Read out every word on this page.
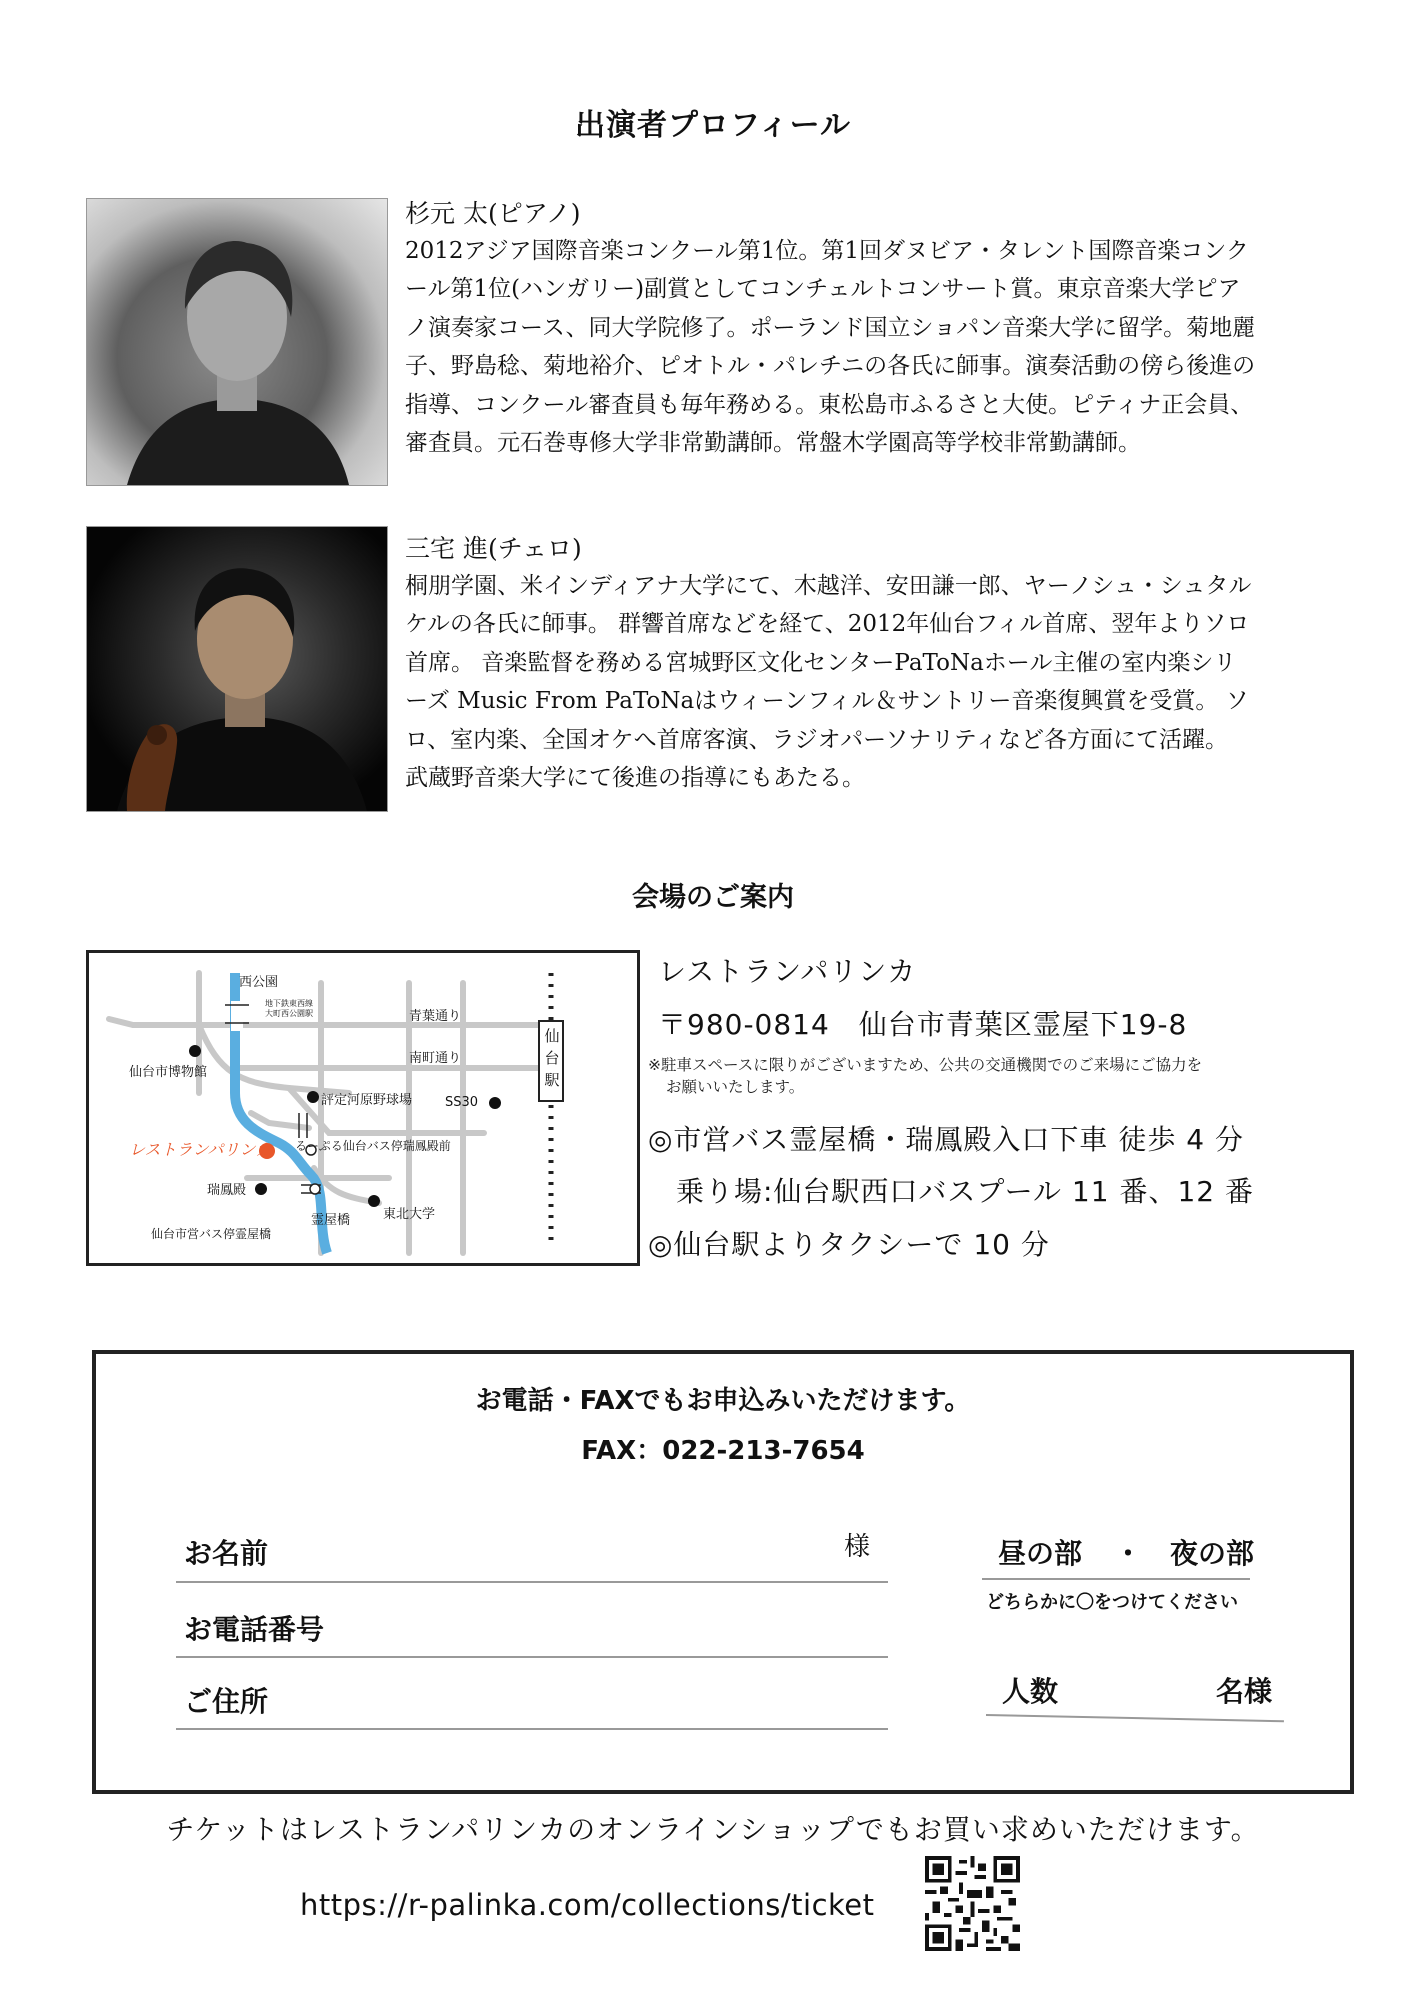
出演者プロフィール
杉元 太(ピアノ)
2012アジア国際音楽コンクール第1位。第1回ダヌビア・タレント国際音楽コンク
ール第1位(ハンガリー)副賞としてコンチェルトコンサート賞。東京音楽大学ピア
ノ演奏家コース、同大学院修了。ポーランド国立ショパン音楽大学に留学。菊地麗
子、野島稔、菊地裕介、ピオトル・パレチニの各氏に師事。演奏活動の傍ら後進の
指導、コンクール審査員も毎年務める。東松島市ふるさと大使。ピティナ正会員、
審査員。元石巻専修大学非常勤講師。常盤木学園高等学校非常勤講師。
三宅 進(チェロ)
桐朋学園、米インディアナ大学にて、木越洋、安田謙一郎、ヤーノシュ・シュタル
ケルの各氏に師事。 群響首席などを経て、2012年仙台フィル首席、翌年よりソロ
首席。 音楽監督を務める宮城野区文化センターPaToNaホール主催の室内楽シリ
ーズ Music From PaToNaはウィーンフィル＆サントリー音楽復興賞を受賞。 ソ
ロ、室内楽、全国オケへ首席客演、ラジオパーソナリティなど各方面にて活躍。
武蔵野音楽大学にて後進の指導にもあたる。
会場のご案内
西公園
地下鉄東西線
大町西公園駅	青葉通り
南町通り
仙台市博物館
評定河原野球場	SS30
仙
台
駅
レストランパリンカ るーぷる仙台バス停瑞鳳殿前
瑞鳳殿
霊屋橋	東北大学
仙台市営バス停霊屋橋
レストランパリンカ
〒980-0814　仙台市青葉区霊屋下19-8
※駐車スペースに限りがございますため、公共の交通機関でのご来場にご協力を
お願いいたします。
◎市営バス霊屋橋・瑞鳳殿入口下車 徒歩 4 分
乗り場:仙台駅西口バスプール 11 番、12 番
◎仙台駅よりタクシーで 10 分
お電話・FAXでもお申込みいただけます。
FAX：022-213-7654
お名前	様
お電話番号
ご住所
昼の部 ・ 夜の部
どちらかに〇をつけてください
人数	名様
チケットはレストランパリンカのオンラインショップでもお買い求めいただけます。
https://r-palinka.com/collections/ticket
